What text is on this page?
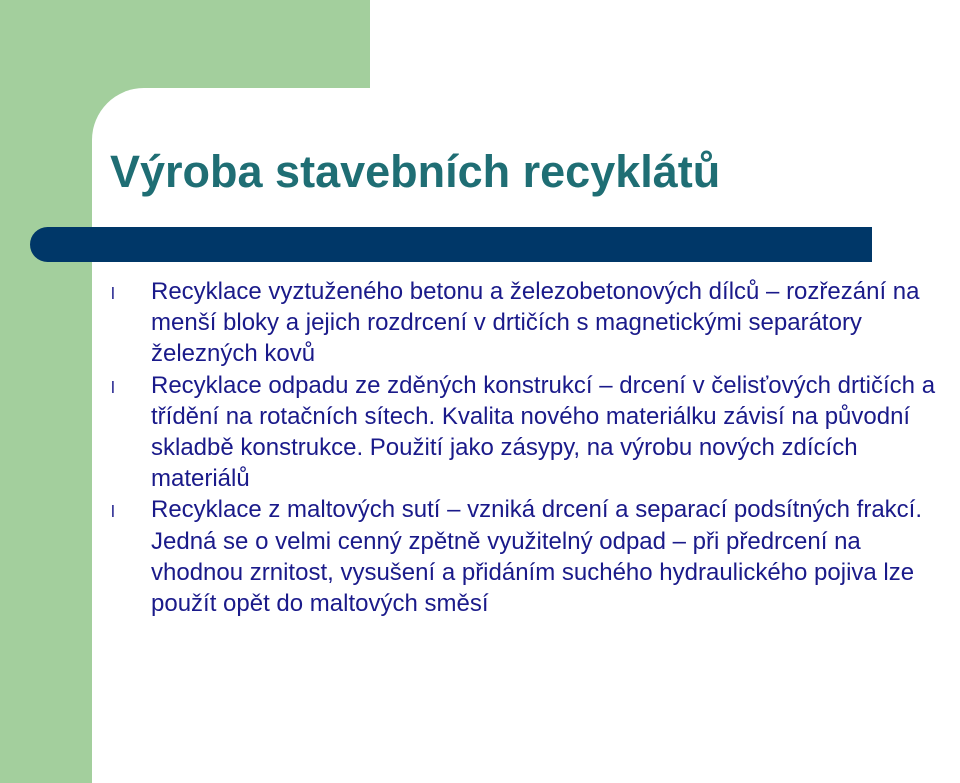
Výroba stavebních recyklátů
l Recyklace vyztuženého betonu a železobetonových dílců – rozřezání na menší bloky a jejich rozdrcení v drtičích s magnetickými separátory železných kovů
l Recyklace odpadu ze zděných konstrukcí – drcení v čelisťových drtičích a třídění na rotačních sítech. Kvalita nového materiálku závisí na původní skladbě konstrukce. Použití jako zásypy, na výrobu nových zdících materiálů
l Recyklace z maltových sutí – vzniká drcení a separací podsítných frakcí. Jedná se o velmi cenný zpětně využitelný odpad – při předrcení na vhodnou zrnitost, vysušení a přidáním suchého hydraulického pojiva lze použít opět do maltových směsí
